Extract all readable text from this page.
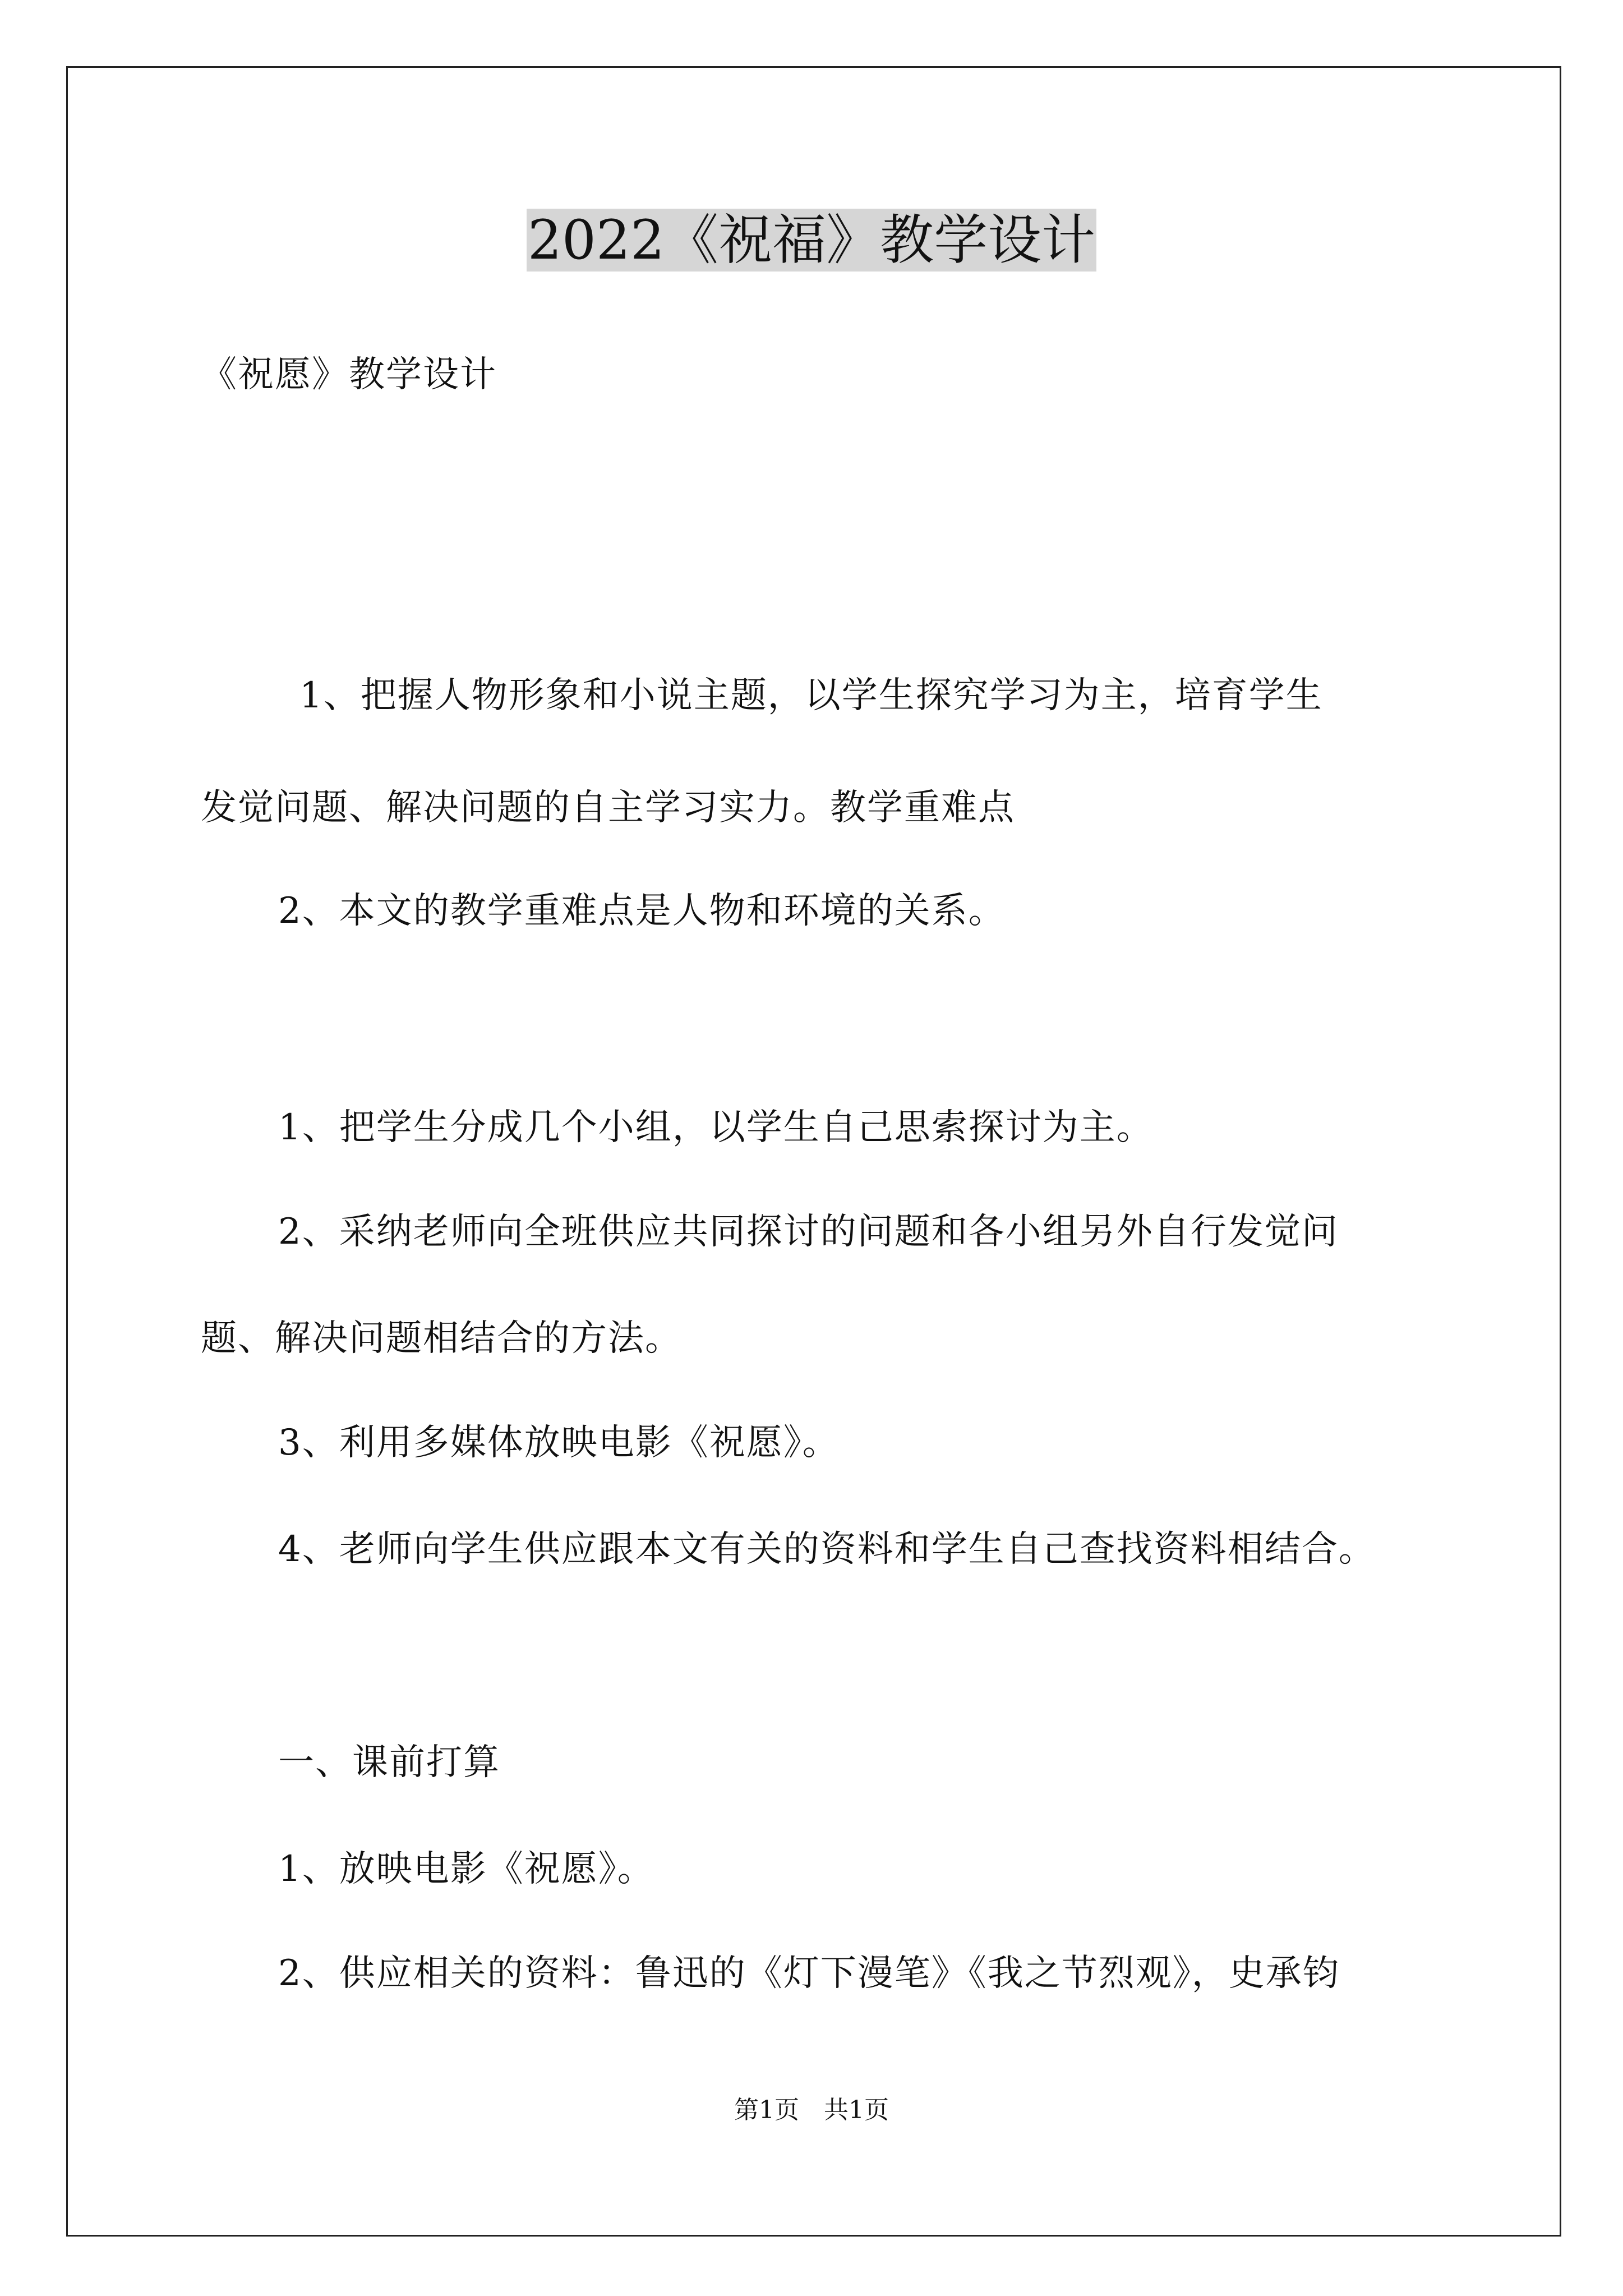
2022《祝福》教学设计
《祝愿》教学设计
1、把握人物形象和小说主题，以学生探究学习为主，培育学生
发觉问题、解决问题的自主学习实力。教学重难点
2、本文的教学重难点是人物和环境的关系。
1、把学生分成几个小组，以学生自己思索探讨为主。
2、采纳老师向全班供应共同探讨的问题和各小组另外自行发觉问
题、解决问题相结合的方法。
3、利用多媒体放映电影《祝愿》。
4、老师向学生供应跟本文有关的资料和学生自己查找资料相结合。
一、课前打算
1、放映电影《祝愿》。
2、供应相关的资料：鲁迅的《灯下漫笔》《我之节烈观》，史承钧
第1页　共1页
